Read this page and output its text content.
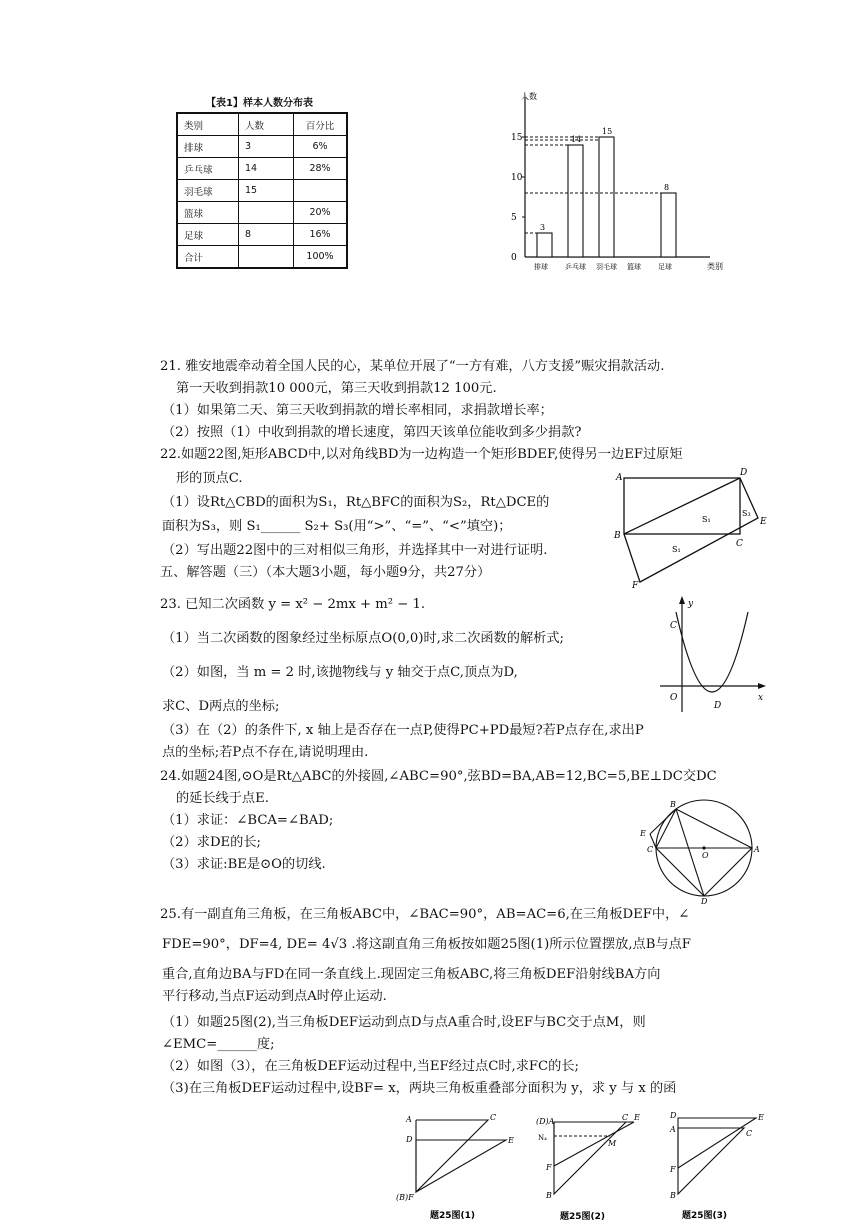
【表1】样本人数分布表
类别	人数	百分比
排球	3	6%
乒乓球	14	28%
羽毛球	15	
篮球		20%
足球	8	16%
合计		100%
人数
类别
0
5
10
15
排球
3
乒乓球
14
羽毛球
15
篮球 足球
8
21. 雅安地震牵动着全国人民的心，某单位开展了“一方有难，八方支援”赈灾捐款活动.
第一天收到捐款10 000元，第三天收到捐款12 100元.
（1）如果第二天、第三天收到捐款的增长率相同，求捐款增长率；
（2）按照（1）中收到捐款的增长速度，第四天该单位能收到多少捐款?
22.如题22图,矩形ABCD中,以对角线BD为一边构造一个矩形BDEF,使得另一边EF过原矩
形的顶点C.
（1）设Rt△CBD的面积为S₁，Rt△BFC的面积为S₂，Rt△DCE的
面积为S₃，则 S₁______ S₂+ S₃(用“>”、“=”、“<”填空)；
（2）写出题22图中的三对相似三角形，并选择其中一对进行证明.
五、解答题（三）（本大题3小题，每小题9分，共27分）
A	D
B
C
E
F
S₁
S₃
S₁
23. 已知二次函数 y = x² − 2mx + m² − 1.
（1）当二次函数的图象经过坐标原点O(0,0)时,求二次函数的解析式;
（2）如图，当 m = 2 时,该抛物线与 y 轴交于点C,顶点为D,
求C、D两点的坐标;
（3）在（2）的条件下, x 轴上是否存在一点P,使得PC+PD最短?若P点存在,求出P
点的坐标;若P点不存在,请说明理由.
y
x
C
O
D
24.如题24图,⊙O是Rt△ABC的外接圆,∠ABC=90°,弦BD=BA,AB=12,BC=5,BE⊥DC交DC
的延长线于点E.
（1）求证：∠BCA=∠BAD;
（2）求DE的长;
（3）求证:BE是⊙O的切线.
B
E
C
O
A
D
25.有一副直角三角板，在三角板ABC中，∠BAC=90°，AB=AC=6,在三角板DEF中，∠
FDE=90°，DF=4, DE= 4√3 .将这副直角三角板按如题25图(1)所示位置摆放,点B与点F
重合,直角边BA与FD在同一条直线上.现固定三角板ABC,将三角板DEF沿射线BA方向
平行移动,当点F运动到点A时停止运动.
（1）如题25图(2),当三角板DEF运动到点D与点A重合时,设EF与BC交于点M，则
∠EMC=______度;
（2）如图（3），在三角板DEF运动过程中,当EF经过点C时,求FC的长;
（3)在三角板DEF运动过程中,设BF= x，两块三角板重叠部分面积为 y，求 y 与 x 的函
A	C
D	E
(B)F
题25图(1)
(D)A	C E
N₄
M
F
B
题25图(2)
D	E
A	C
F
B
题25图(3)
